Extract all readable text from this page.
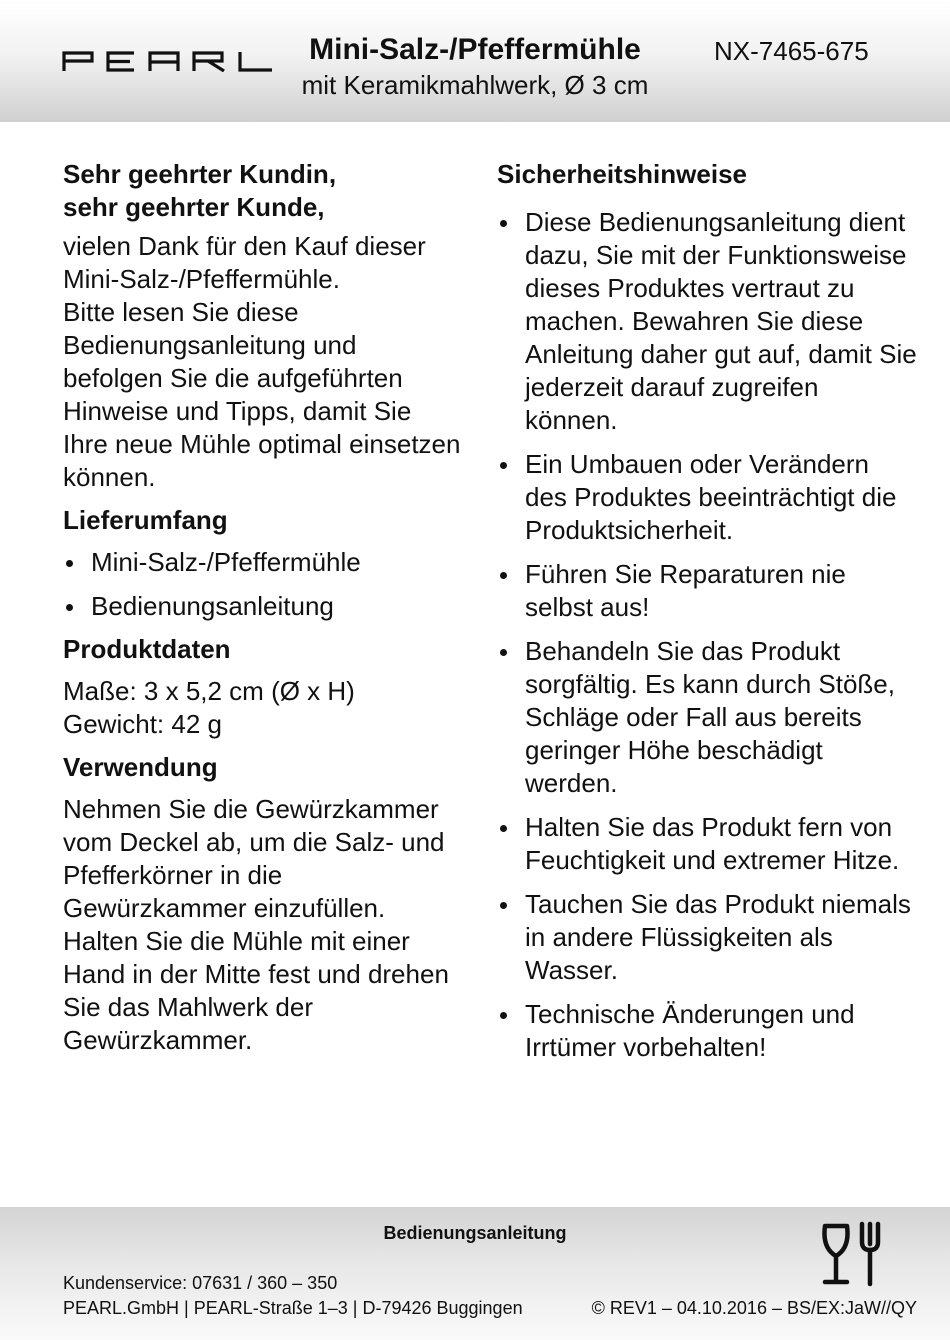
Mini-Salz-/Pfeffermühle
mit Keramikmahlwerk, Ø 3 cm
NX-7465-675
Sehr geehrter Kundin,
sehr geehrter Kunde,

vielen Dank für den Kauf dieser Mini-Salz-/Pfeffermühle.

Bitte lesen Sie diese Bedienungsanleitung und befolgen Sie die aufgeführten Hinweise und Tipps, damit Sie Ihre neue Mühle optimal einsetzen können.

Lieferumfang
Mini-Salz-/Pfeffermühle
Bedienungsanleitung
Produktdaten

Maße: 3 x 5,2 cm (Ø x H)

Gewicht: 42 g

Verwendung

Nehmen Sie die Gewürzkammer vom Deckel ab, um die Salz- und Pfefferkörner in die Gewürzkammer einzufüllen. Halten Sie die Mühle mit einer Hand in der Mitte fest und drehen Sie das Mahlwerk der Gewürzkammer.

Sicherheitshinweise
Diese Bedienungsanleitung dient dazu, Sie mit der Funktionsweise dieses Produktes vertraut zu machen. Bewahren Sie diese Anleitung daher gut auf, damit Sie jederzeit darauf zugreifen können.
Ein Umbauen oder Verändern des Produktes beeinträchtigt die Produktsicherheit.
Führen Sie Reparaturen nie selbst aus!
Behandeln Sie das Produkt sorgfältig. Es kann durch Stöße, Schläge oder Fall aus bereits geringer Höhe beschädigt werden.
Halten Sie das Produkt fern von Feuchtigkeit und extremer Hitze.
Tauchen Sie das Produkt niemals in andere Flüssigkeiten als Wasser.
Technische Änderungen und Irrtümer vorbehalten!
Bedienungsanleitung
Kundenservice: 07631 / 360 – 350
PEARL.GmbH | PEARL-Straße 1–3 | D-79426 Buggingen	© REV1 – 04.10.2016 – BS/EX:JaW//QY
